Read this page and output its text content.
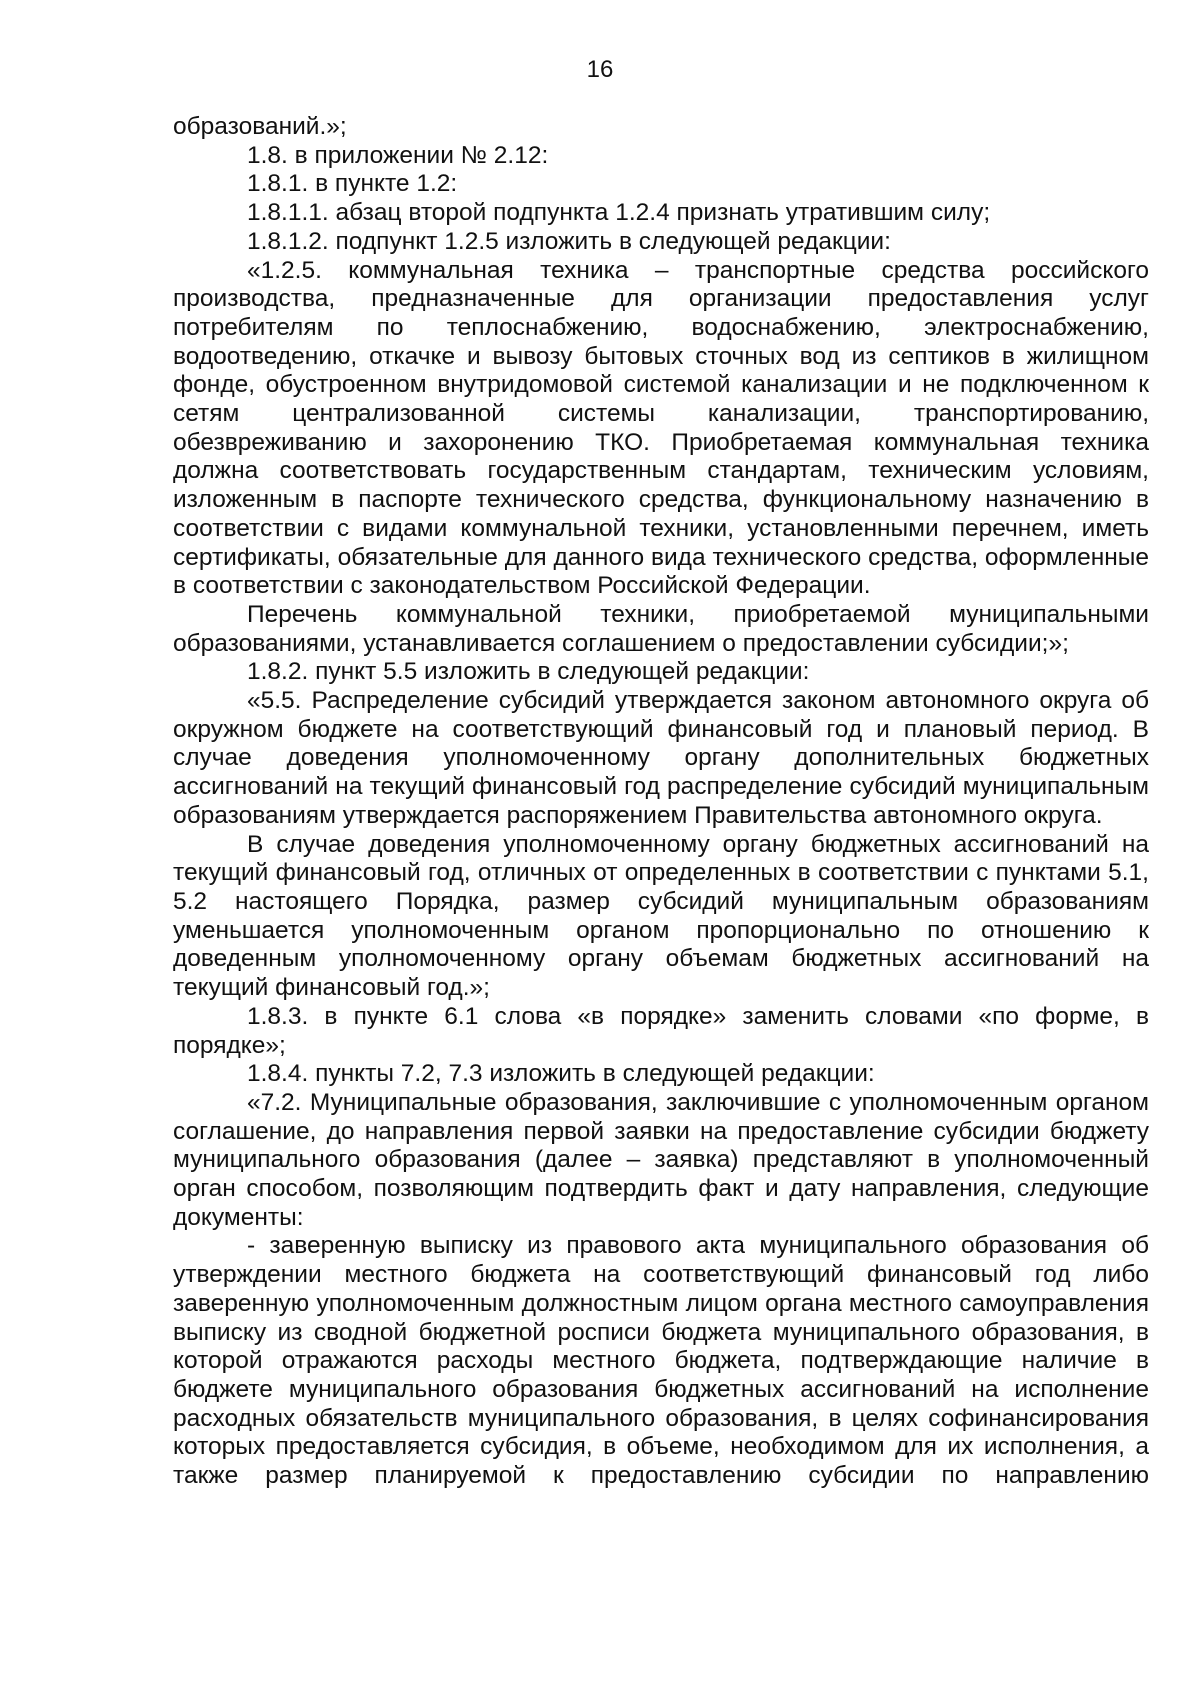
16

образований.»;

1.8. в приложении № 2.12:

1.8.1. в пункте 1.2:

1.8.1.1. абзац второй подпункта 1.2.4 признать утратившим силу;

1.8.1.2. подпункт 1.2.5 изложить в следующей редакции:

«1.2.5. коммунальная техника – транспортные средства российского производства, предназначенные для организации предоставления услуг потребителям по теплоснабжению, водоснабжению, электроснабжению, водоотведению, откачке и вывозу бытовых сточных вод из септиков в жилищном фонде, обустроенном внутридомовой системой канализации и не подключенном к сетям централизованной системы канализации, транспортированию, обезвреживанию и захоронению ТКО. Приобретаемая коммунальная техника должна соответствовать государственным стандартам, техническим условиям, изложенным в паспорте технического средства, функциональному назначению в соответствии с видами коммунальной техники, установленными перечнем, иметь сертификаты, обязательные для данного вида технического средства, оформленные в соответствии с законодательством Российской Федерации.

Перечень коммунальной техники, приобретаемой муниципальными образованиями, устанавливается соглашением о предоставлении субсидии;»;

1.8.2. пункт 5.5 изложить в следующей редакции:

«5.5. Распределение субсидий утверждается законом автономного округа об окружном бюджете на соответствующий финансовый год и плановый период. В случае доведения уполномоченному органу дополнительных бюджетных ассигнований на текущий финансовый год распределение субсидий муниципальным образованиям утверждается распоряжением Правительства автономного округа.

В случае доведения уполномоченному органу бюджетных ассигнований на текущий финансовый год, отличных от определенных в соответствии с пунктами 5.1, 5.2 настоящего Порядка, размер субсидий муниципальным образованиям уменьшается уполномоченным органом пропорционально по отношению к доведенным уполномоченному органу объемам бюджетных ассигнований на текущий финансовый год.»;

1.8.3. в пункте 6.1 слова «в порядке» заменить словами «по форме, в порядке»;

1.8.4. пункты 7.2, 7.3 изложить в следующей редакции:

«7.2. Муниципальные образования, заключившие с уполномоченным органом соглашение, до направления первой заявки на предоставление субсидии бюджету муниципального образования (далее – заявка) представляют в уполномоченный орган способом, позволяющим подтвердить факт и дату направления, следующие документы:

- заверенную выписку из правового акта муниципального образования об утверждении местного бюджета на соответствующий финансовый год либо заверенную уполномоченным должностным лицом органа местного самоуправления выписку из сводной бюджетной росписи бюджета муниципального образования, в которой отражаются расходы местного бюджета, подтверждающие наличие в бюджете муниципального образования бюджетных ассигнований на исполнение расходных обязательств муниципального образования, в целях софинансирования которых предоставляется субсидия, в объеме, необходимом для их исполнения, а также размер планируемой к предоставлению субсидии по направлению
